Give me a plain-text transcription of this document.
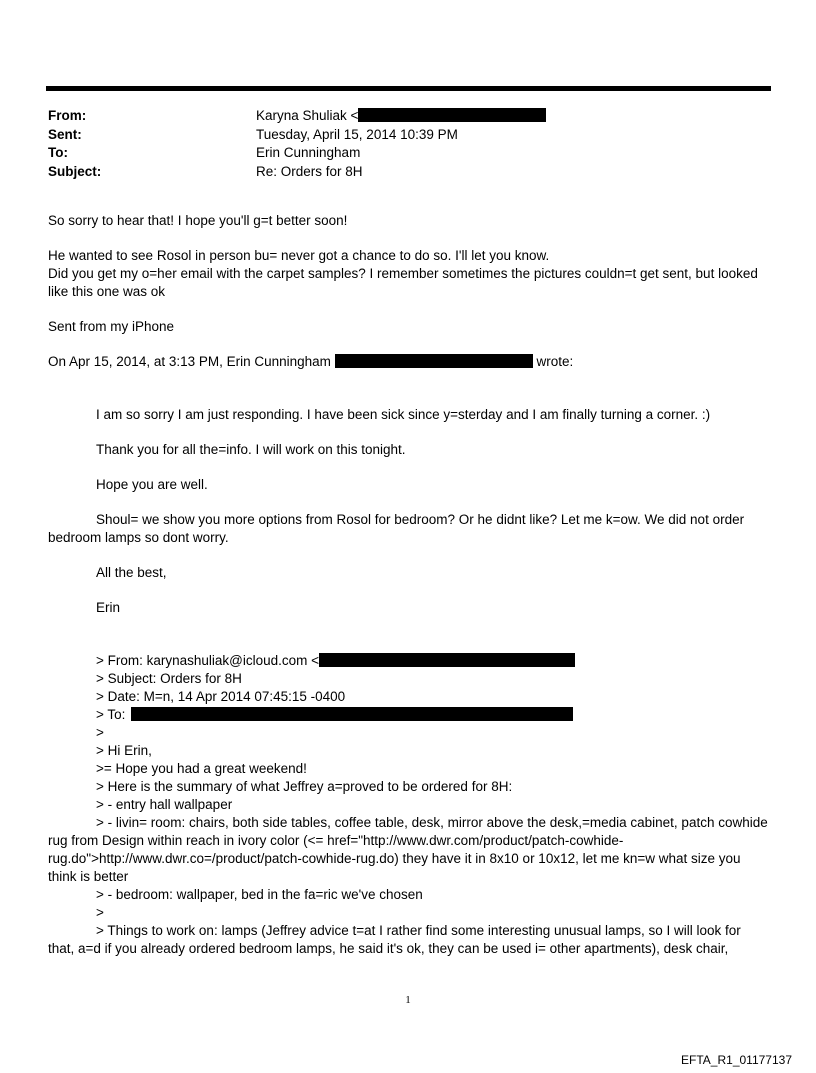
From:	Karyna Shuliak <
Sent:	Tuesday, April 15, 2014 10:39 PM
To:	Erin Cunningham
Subject:	Re: Orders for 8H

So sorry to hear that! I hope you'll g=t better soon!

He wanted to see Rosol in person bu= never got a chance to do so. I'll let you know.

Did you get my o=her email with the carpet samples? I remember sometimes the pictures couldn=t get sent, but looked like this one was ok

Sent from my iPhone

On Apr 15, 2014, at 3:13 PM, Erin Cunningham	wrote:

I am so sorry I am just responding. I have been sick since y=sterday and I am finally turning a corner. :)

Thank you for all the=info. I will work on this tonight.

Hope you are well.

Shoul= we show you more options from Rosol for bedroom? Or he didnt like? Let me k=ow. We did not order bedroom lamps so dont worry.

All the best,

Erin

> From: karynashuliak@icloud.com <

> Subject: Orders for 8H

> Date: M=n, 14 Apr 2014 07:45:15 -0400

> To:

>

> Hi Erin,

>= Hope you had a great weekend!

> Here is the summary of what Jeffrey a=proved to be ordered for 8H:

> - entry hall wallpaper

> - livin= room: chairs, both side tables, coffee table, desk, mirror above the desk,=media cabinet, patch cowhide rug from Design within reach in ivory color (<= href="http://www.dwr.com/product/patch-cowhide-rug.do">http://www.dwr.co=/product/patch-cowhide-rug.do) they have it in 8x10 or 10x12, let me kn=w what size you think is better

> - bedroom: wallpaper, bed in the fa=ric we've chosen

>

> Things to work on: lamps (Jeffrey advice t=at I rather find some interesting unusual lamps, so I will look for that, a=d if you already ordered bedroom lamps, he said it's ok, they can be used i= other apartments), desk chair,

1
EFTA_R1_01177137
